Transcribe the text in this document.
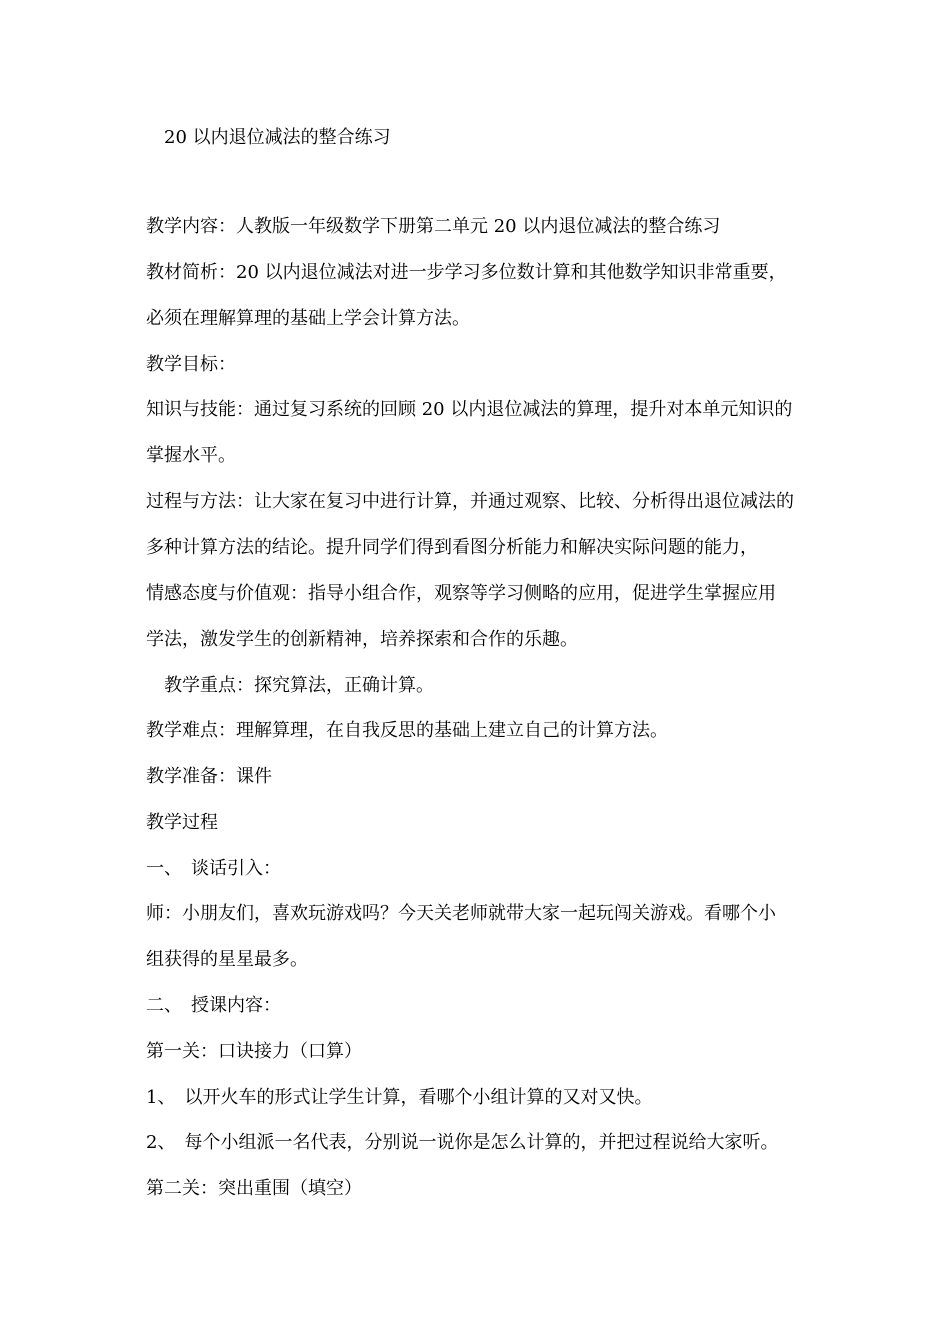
20 以内退位减法的整合练习
教学内容：人教版一年级数学下册第二单元 20 以内退位减法的整合练习
教材简析：20 以内退位减法对进一步学习多位数计算和其他数学知识非常重要，
必须在理解算理的基础上学会计算方法。
教学目标：
知识与技能：通过复习系统的回顾 20 以内退位减法的算理，提升对本单元知识的
掌握水平。
过程与方法：让大家在复习中进行计算，并通过观察、比较、分析得出退位减法的
多种计算方法的结论。提升同学们得到看图分析能力和解决实际问题的能力，
情感态度与价值观：指导小组合作，观察等学习侧略的应用，促进学生掌握应用
学法，激发学生的创新精神，培养探索和合作的乐趣。
教学重点：探究算法，正确计算。
教学难点：理解算理，在自我反思的基础上建立自己的计算方法。
教学准备：课件
教学过程
一、　谈话引入：
师：小朋友们，喜欢玩游戏吗？今天关老师就带大家一起玩闯关游戏。看哪个小
组获得的星星最多。
二、　授课内容：
第一关：口诀接力（口算）
1、　以开火车的形式让学生计算，看哪个小组计算的又对又快。
2、　每个小组派一名代表，分别说一说你是怎么计算的，并把过程说给大家听。
第二关：突出重围（填空）
